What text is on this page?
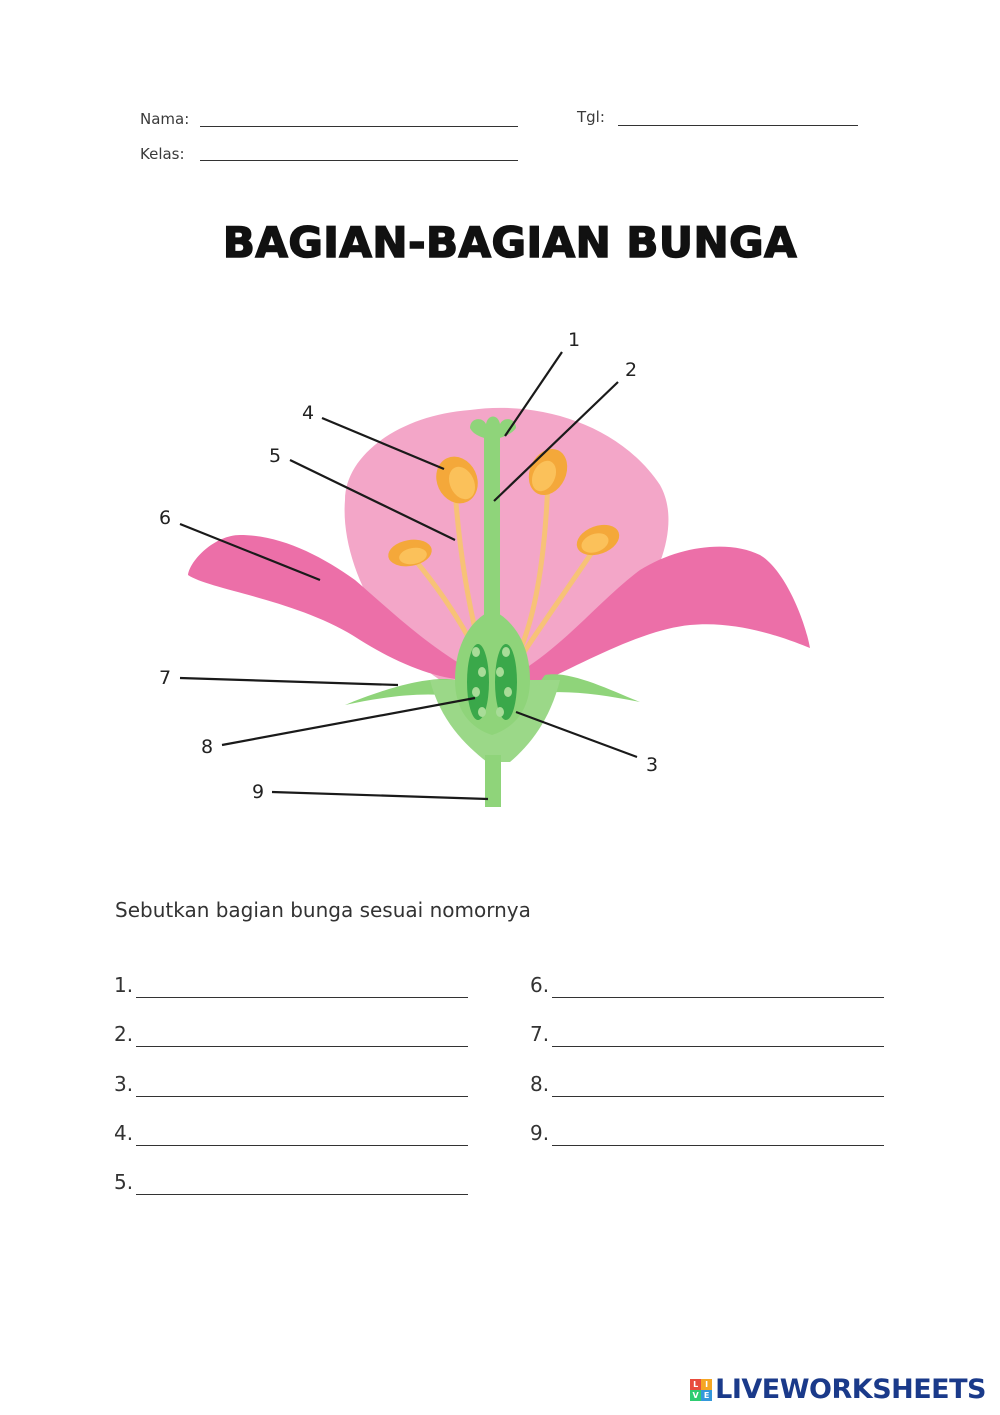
Nama:
Kelas:
Tgl:
BAGIAN-BAGIAN BUNGA
1
2
3
4
5
6
7
8
9
Sebutkan bagian bunga sesuai nomornya
1.
2.
3.
4.
5.
6.
7.
8.
9.
L I
V E LIVEWORKSHEETS
